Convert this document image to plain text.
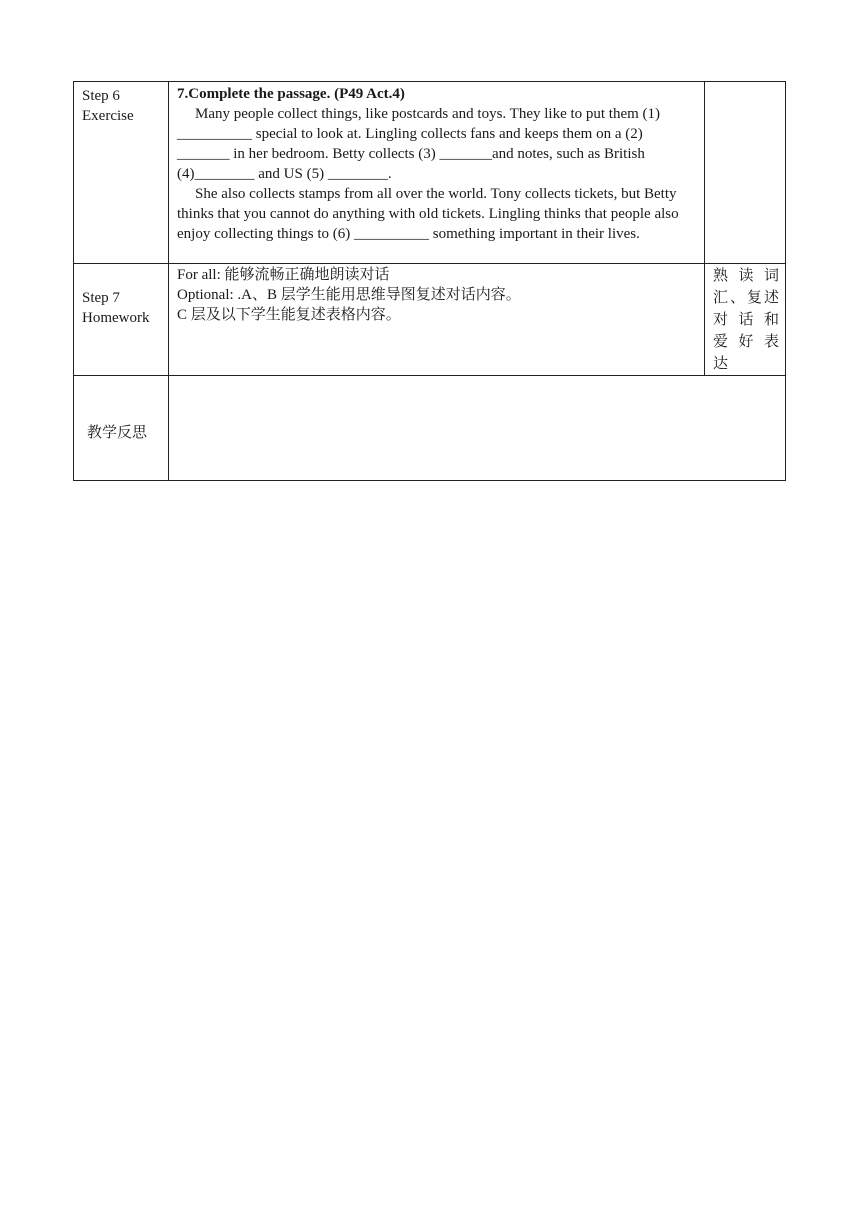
Step 6
Exercise
7.Complete the passage. (P49 Act.4)
Many people collect things, like postcards and toys. They like to put them (1) __________ special to look at. Lingling collects fans and keeps them on a (2) _______ in her bedroom. Betty collects (3) _______and notes, such as British (4)________ and US (5) ________.
She also collects stamps from all over the world. Tony collects tickets, but Betty thinks that you cannot do anything with old tickets. Lingling thinks that people also enjoy collecting things to (6) __________ something important in their lives.
Step 7
Homework
For all: 能够流畅正确地朗读对话
Optional: .A、B 层学生能用思维导图复述对话内容。
C 层及以下学生能复述表格内容。
熟 读 词
汇、复述
对 话 和
爱 好 表
达
教学反思
